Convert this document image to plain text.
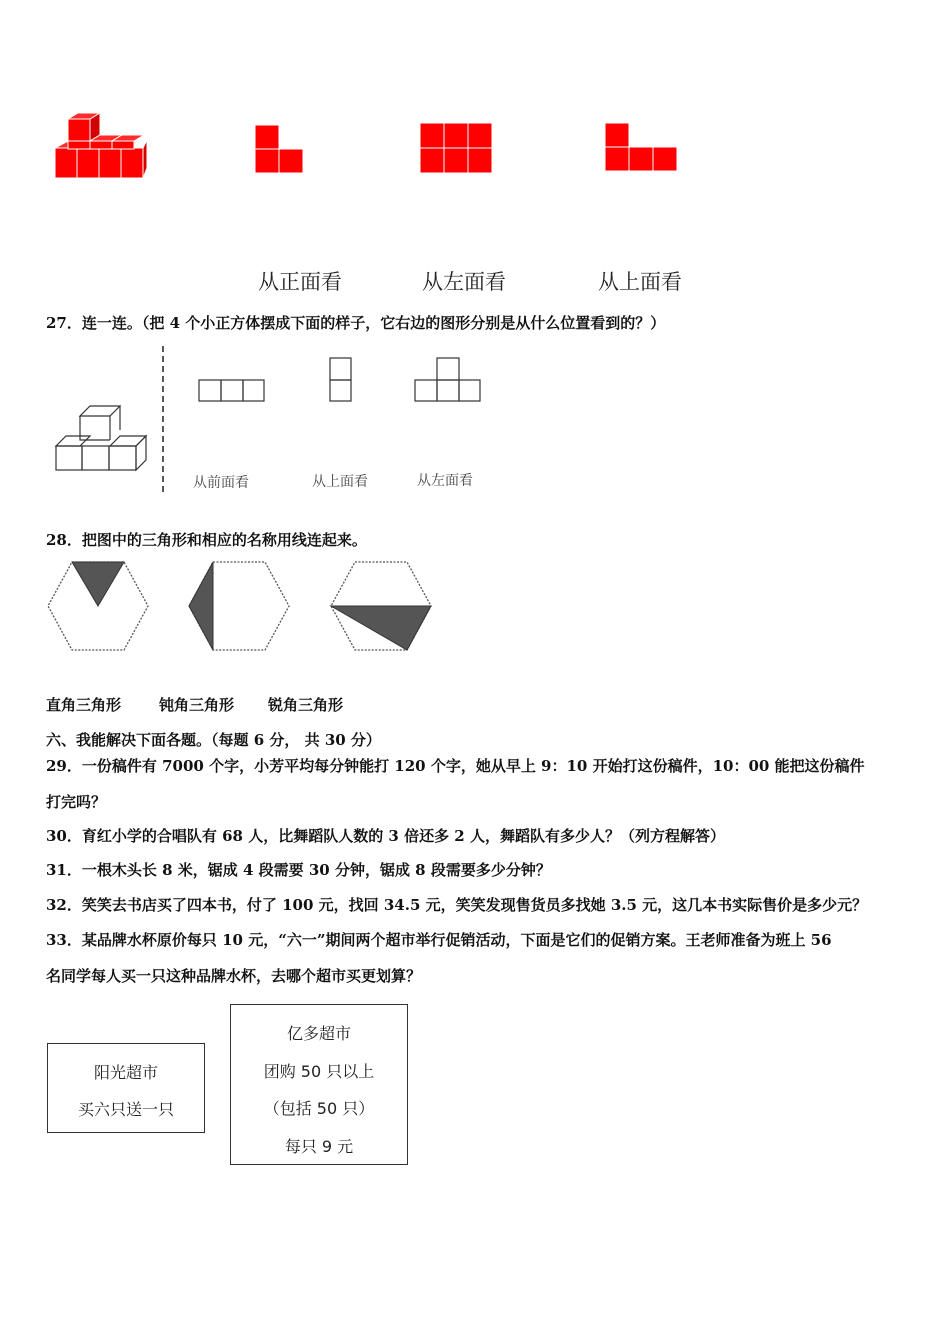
从正面看	从左面看	从上面看
27．连一连。（把 4 个小正方体摆成下面的样子，它右边的图形分别是从什么位置看到的？）
从前面看	从上面看	从左面看
28．把图中的三角形和相应的名称用线连起来。
直角三角形	钝角三角形 锐角三角形
六、我能解决下面各题。（每题 6 分， 共 30 分）
29．一份稿件有 7000 个字，小芳平均每分钟能打 120 个字，她从早上 9：10 开始打这份稿件，10：00 能把这份稿件
打完吗？
30．育红小学的合唱队有 68 人，比舞蹈队人数的 3 倍还多 2 人，舞蹈队有多少人？（列方程解答）
31．一根木头长 8 米，锯成 4 段需要 30 分钟，锯成 8 段需要多少分钟？
32．笑笑去书店买了四本书，付了 100 元，找回 34.5 元，笑笑发现售货员多找她 3.5 元，这几本书实际售价是多少元？
33．某品牌水杯原价每只 10 元，“六一”期间两个超市举行促销活动，下面是它们的促销方案。王老师准备为班上 56
名同学每人买一只这种品牌水杯，去哪个超市买更划算？
阳光超市
买六只送一只
亿多超市
团购 50 只以上
（包括 50 只）
每只 9 元
